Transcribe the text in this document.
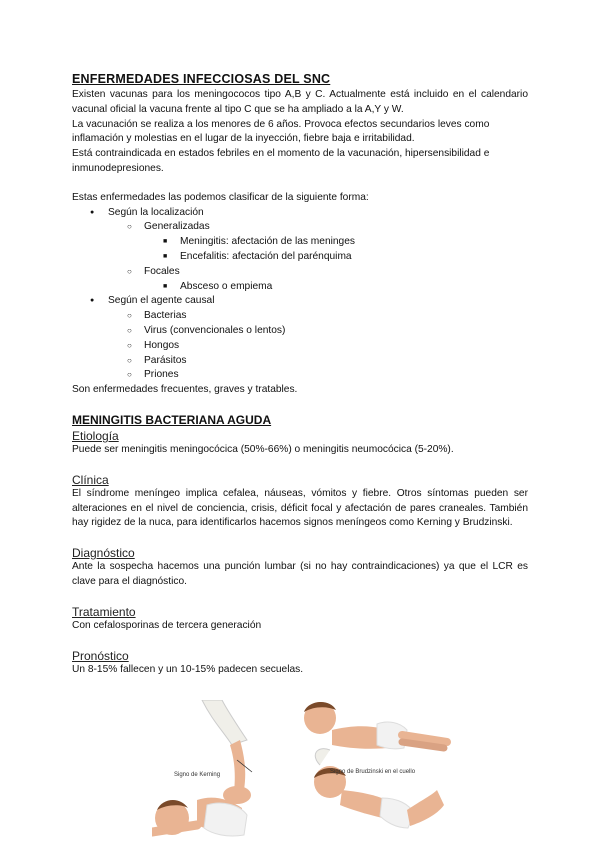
ENFERMEDADES INFECCIOSAS DEL SNC

Existen vacunas para los meningococos tipo A,B y C. Actualmente está incluido en el calendario vacunal oficial la vacuna frente al tipo C que se ha ampliado a la A,Y y W.

La vacunación se realiza a los menores de 6 años. Provoca efectos secundarios leves como inflamación y molestias en el lugar de la inyección, fiebre baja e irritabilidad.

Está contraindicada en estados febriles en el momento de la vacunación, hipersensibilidad e inmunodepresiones.

Estas enfermedades las podemos clasificar de la siguiente forma:

● Según la localización
○ Generalizadas
■ Meningitis: afectación de las meninges
■ Encefalitis: afectación del parénquima
○ Focales
■ Absceso o empiema
● Según el agente causal
○ Bacterias
○ Virus (convencionales o lentos)
○ Hongos
○ Parásitos
○ Priones

Son enfermedades frecuentes, graves y tratables.

MENINGITIS BACTERIANA AGUDA
Etiología

Puede ser meningitis meningocócica (50%-66%) o meningitis neumocócica (5-20%).

Clínica

El síndrome meníngeo implica cefalea, náuseas, vómitos y fiebre. Otros síntomas pueden ser alteraciones en el nivel de conciencia, crisis, déficit focal y afectación de pares craneales. También hay rigidez de la nuca, para identificarlos hacemos signos meníngeos como Kerning y Brudzinski.

Diagnóstico

Ante la sospecha hacemos una punción lumbar (si no hay contraindicaciones) ya que el LCR es clave para el diagnóstico.

Tratamiento

Con cefalosporinas de tercera generación

Pronóstico

Un 8-15% fallecen y un 10-15% padecen secuelas.

Signo de Kerning	Signo de Brudzinski en el cuello
